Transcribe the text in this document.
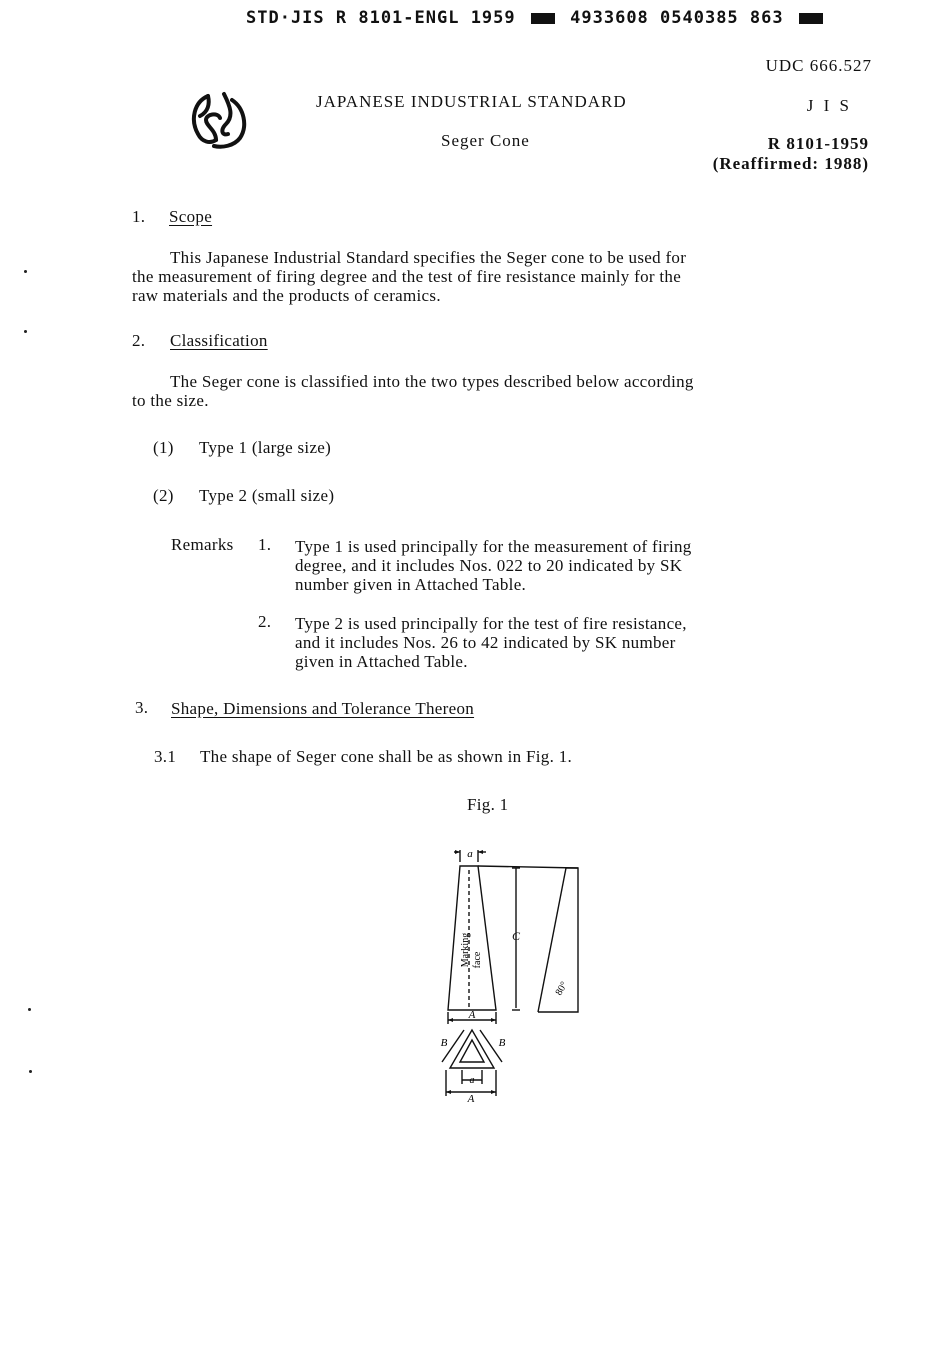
STD·JIS R 8101-ENGL 1959	4933608 0540385 863
UDC 666.527
JAPANESE INDUSTRIAL STANDARD	J I S
Seger Cone	R 8101-1959
(Reaffirmed: 1988)
1. Scope
This Japanese Industrial Standard specifies the Seger cone to be used for
the measurement of firing degree and the test of fire resistance mainly for the
raw materials and the products of ceramics.
2. Classification
The Seger cone is classified into the two types described below according
to the size.
(1) Type 1 (large size)
(2) Type 2 (small size)
Remarks 1. Type 1 is used principally for the measurement of firing
degree, and it includes Nos. 022 to 20 indicated by SK
number given in Attached Table.
2. Type 2 is used principally for the test of fire resistance,
and it includes Nos. 26 to 42 indicated by SK number
given in Attached Table.
3. Shape, Dimensions and Tolerance Thereon
3.1 The shape of Seger cone shall be as shown in Fig. 1.
Fig. 1
a
C
A
B	B
a
A
80°
Marking face
